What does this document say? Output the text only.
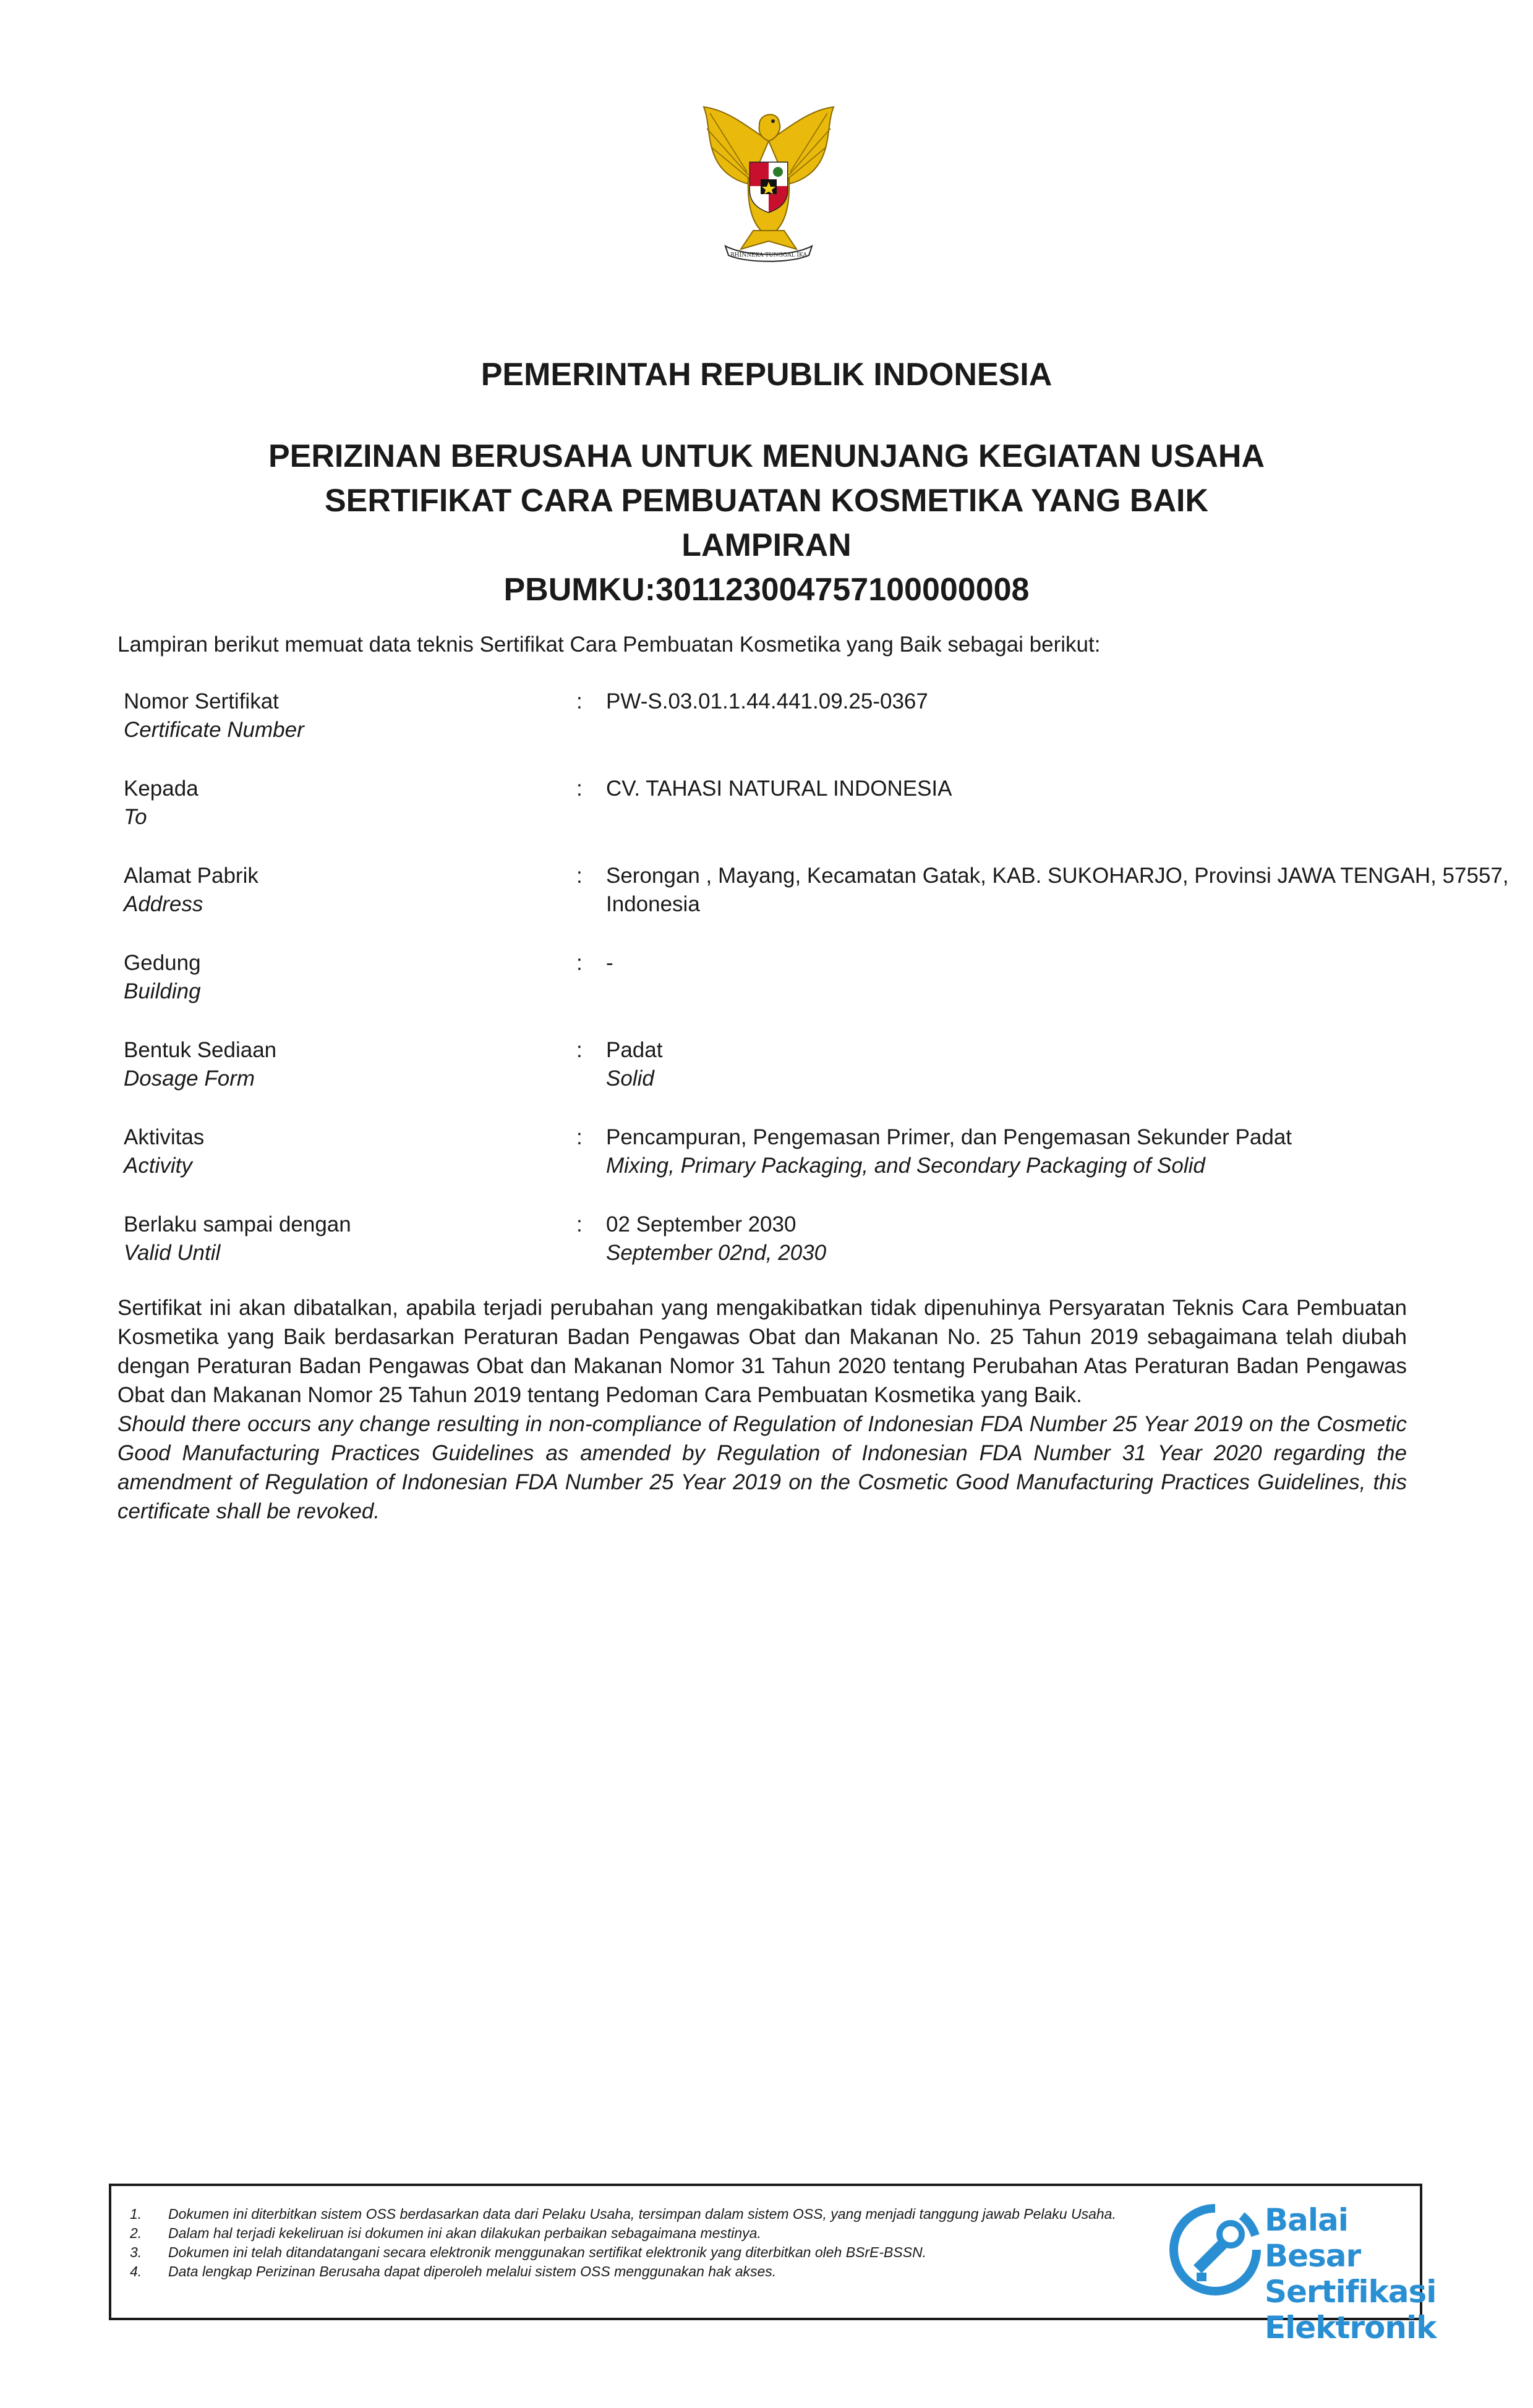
BHINNEKA TUNGGAL IKA
PEMERINTAH REPUBLIK INDONESIA
PERIZINAN BERUSAHA UNTUK MENUNJANG KEGIATAN USAHA
SERTIFIKAT CARA PEMBUATAN KOSMETIKA YANG BAIK
LAMPIRAN
PBUMKU:301123004757100000008
Lampiran berikut memuat data teknis Sertifikat Cara Pembuatan Kosmetika yang Baik sebagai berikut:
Nomor Sertifikat
Certificate Number
: PW-S.03.01.1.44.441.09.25-0367
Kepada
To
: CV. TAHASI NATURAL INDONESIA
Alamat Pabrik
Address
: Serongan , Mayang, Kecamatan Gatak, KAB. SUKOHARJO, Provinsi JAWA TENGAH, 57557, Indonesia
Gedung
Building
: -
Bentuk Sediaan
Dosage Form
: Padat
Solid
Aktivitas
Activity
: Pencampuran, Pengemasan Primer, dan Pengemasan Sekunder Padat
Mixing, Primary Packaging, and Secondary Packaging of Solid
Berlaku sampai dengan
Valid Until
: 02 September 2030
September 02nd, 2030

Sertifikat ini akan dibatalkan, apabila terjadi perubahan yang mengakibatkan tidak dipenuhinya Persyaratan Teknis Cara Pembuatan Kosmetika yang Baik berdasarkan Peraturan Badan Pengawas Obat dan Makanan No. 25 Tahun 2019 sebagaimana telah diubah dengan Peraturan Badan Pengawas Obat dan Makanan Nomor 31 Tahun 2020 tentang Perubahan Atas Peraturan Badan Pengawas Obat dan Makanan Nomor 25 Tahun 2019 tentang Pedoman Cara Pembuatan Kosmetika yang Baik.

Should there occurs any change resulting in non-compliance of Regulation of Indonesian FDA Number 25 Year 2019 on the Cosmetic Good Manufacturing Practices Guidelines as amended by Regulation of Indonesian FDA Number 31 Year 2020 regarding the amendment of Regulation of Indonesian FDA Number 25 Year 2019 on the Cosmetic Good Manufacturing Practices Guidelines, this certificate shall be revoked.

1. Dokumen ini diterbitkan sistem OSS berdasarkan data dari Pelaku Usaha, tersimpan dalam sistem OSS, yang menjadi tanggung jawab Pelaku Usaha.
2. Dalam hal terjadi kekeliruan isi dokumen ini akan dilakukan perbaikan sebagaimana mestinya.
3. Dokumen ini telah ditandatangani secara elektronik menggunakan sertifikat elektronik yang diterbitkan oleh BSrE-BSSN.
4. Data lengkap Perizinan Berusaha dapat diperoleh melalui sistem OSS menggunakan hak akses.
Balai Besar
Sertifikasi
Elektronik
